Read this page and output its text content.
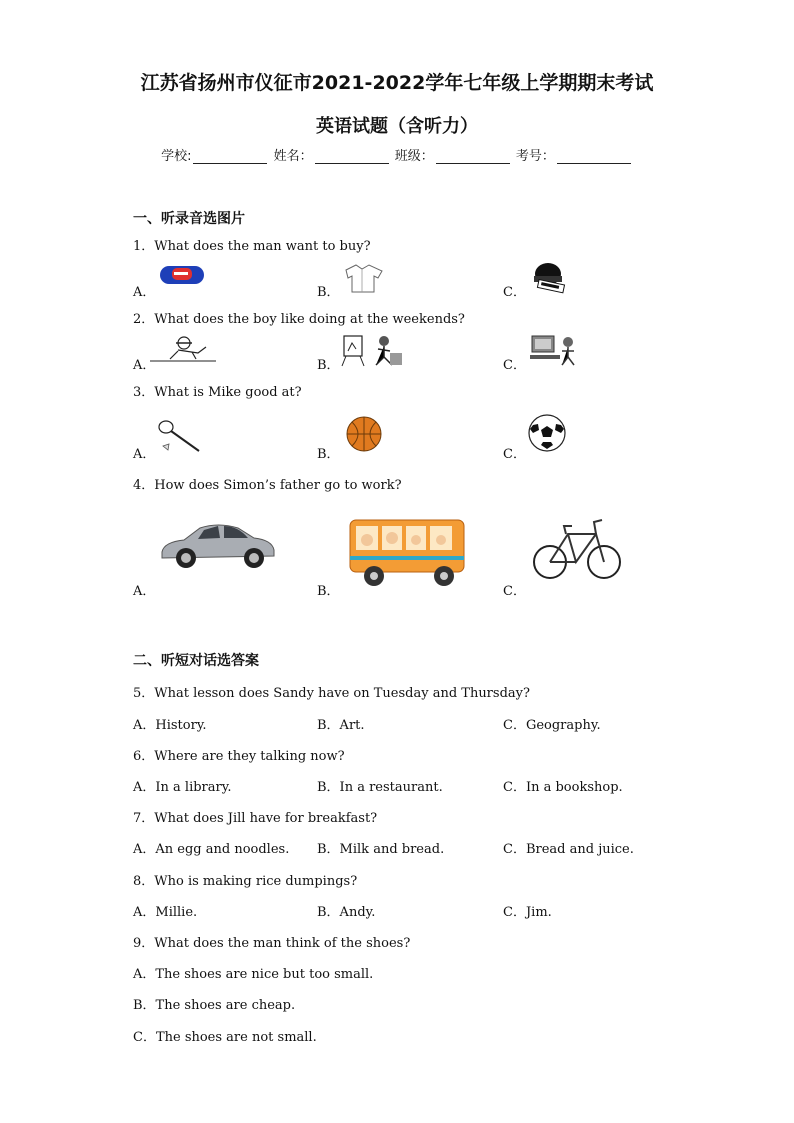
江苏省扬州市仪征市2021-2022学年七年级上学期期末考试
英语试题（含听力）
学校:	姓名：	班级：	考号：
一、听录音选图片
1．What does the man want to buy?
A．	B．	C．
2．What does the boy like doing at the weekends?
A．	B．	C．
3．What is Mike good at?
A．	B．	C．
4．How does Simon’s father go to work?
A．	B．	C．
二、听短对话选答案
5．What lesson does Sandy have on Tuesday and Thursday?
A．History.	B．Art.	C．Geography.
6．Where are they talking now?
A．In a library.	B．In a restaurant.	C．In a bookshop.
7．What does Jill have for breakfast?
A．An egg and noodles. B．Milk and bread.	C．Bread and juice.
8．Who is making rice dumpings?
A．Millie.	B．Andy.	C．Jim.
9．What does the man think of the shoes?
A．The shoes are nice but too small.
B．The shoes are cheap.
C．The shoes are not small.
